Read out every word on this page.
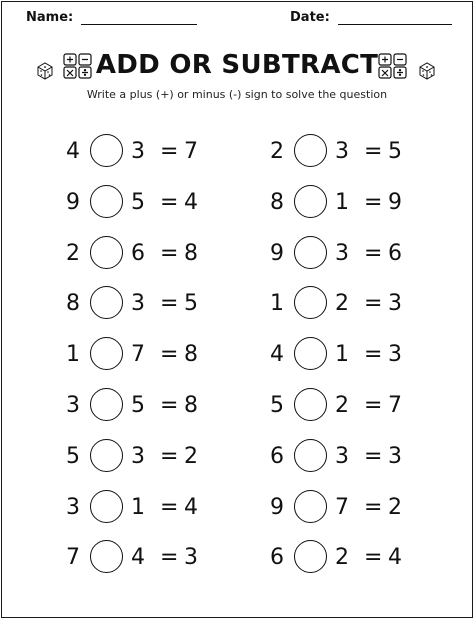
Name:	Date:
ADD OR SUBTRACT
Write a plus (+) or minus (-) sign to solve the question
4 3 = 7
9 5 = 4
2 6 = 8
8 3 = 5
1 7 = 8
3 5 = 8
5 3 = 2
3 1 = 4
7 4 = 3
2 3 = 5
8 1 = 9
9 3 = 6
1 2 = 3
4 1 = 3
5 2 = 7
6 3 = 3
9 7 = 2
6 2 = 4
